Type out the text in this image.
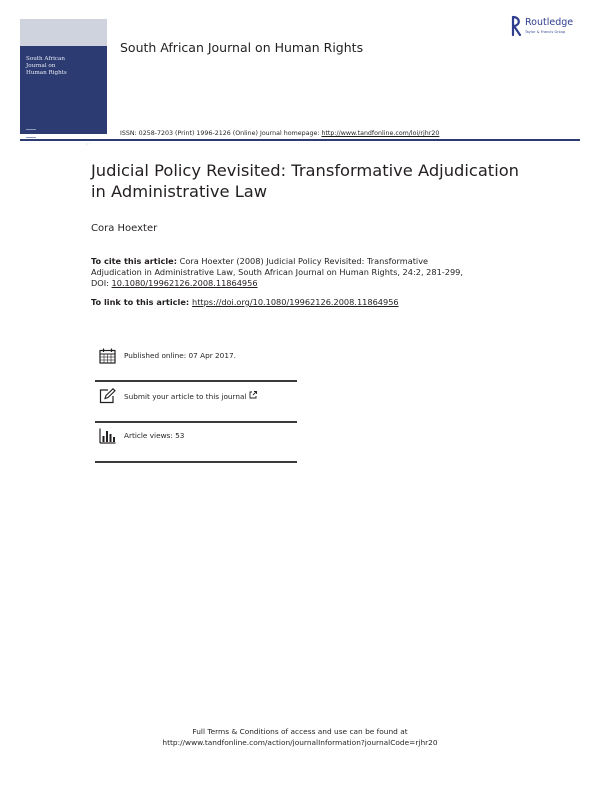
South African
Journal on
Human Rights
▮ R
South African Journal on Human Rights
Routledge
Taylor & Francis Group
ISSN: 0258-7203 (Print) 1996-2126 (Online) Journal homepage: http://www.tandfonline.com/loi/rjhr20
Judicial Policy Revisited: Transformative Adjudication in Administrative Law
Cora Hoexter
To cite this article: Cora Hoexter (2008) Judicial Policy Revisited: Transformative Adjudication in Administrative Law, South African Journal on Human Rights, 24:2, 281-299, DOI: 10.1080/19962126.2008.11864956
To link to this article: https://doi.org/10.1080/19962126.2008.11864956
Published online: 07 Apr 2017.
Submit your article to this journal
Article views: 53
Full Terms & Conditions of access and use can be found at
http://www.tandfonline.com/action/journalInformation?journalCode=rjhr20
